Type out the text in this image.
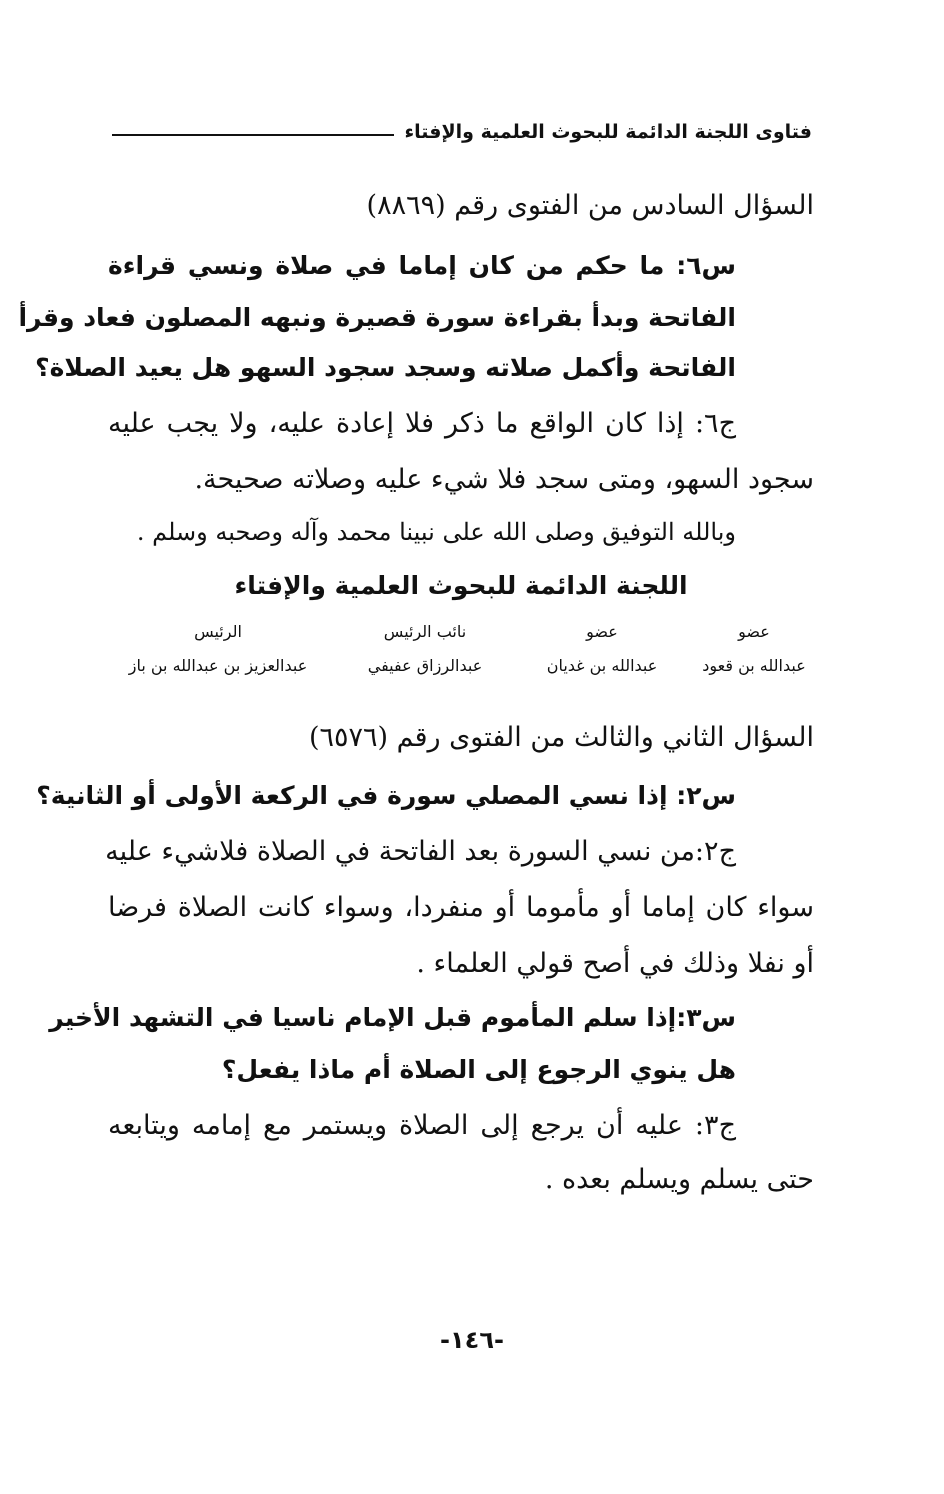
فتاوى اللجنة الدائمة للبحوث العلمية والإفتاء
السؤال السادس من الفتوى رقم (٨٨٦٩)
س٦: ما حكم من كان إماما في صلاة ونسي قراءة
الفاتحة وبدأ بقراءة سورة قصيرة ونبهه المصلون فعاد وقرأ
الفاتحة وأكمل صلاته وسجد سجود السهو هل يعيد الصلاة؟
ج٦: إذا كان الواقع ما ذكر فلا إعادة عليه، ولا يجب عليه
سجود السهو، ومتى سجد فلا شيء عليه وصلاته صحيحة.
وبالله التوفيق وصلى الله على نبينا محمد وآله وصحبه وسلم .
اللجنة الدائمة للبحوث العلمية والإفتاء
عضو
عضو
نائب الرئيس
الرئيس
عبدالله بن قعود
عبدالله بن غديان
عبدالرزاق عفيفي
عبدالعزيز بن عبدالله بن باز
السؤال الثاني والثالث من الفتوى رقم (٦٥٧٦)
س٢: إذا نسي المصلي سورة في الركعة الأولى أو الثانية؟
ج٢:من نسي السورة بعد الفاتحة في الصلاة فلاشيء عليه
سواء كان إماما أو مأموما أو منفردا، وسواء كانت الصلاة فرضا
أو نفلا وذلك في أصح قولي العلماء .
س٣:إذا سلم المأموم قبل الإمام ناسيا في التشهد الأخير
هل ينوي الرجوع إلى الصلاة أم ماذا يفعل؟
ج٣: عليه أن يرجع إلى الصلاة ويستمر مع إمامه ويتابعه
حتى يسلم ويسلم بعده .
-١٤٦-
